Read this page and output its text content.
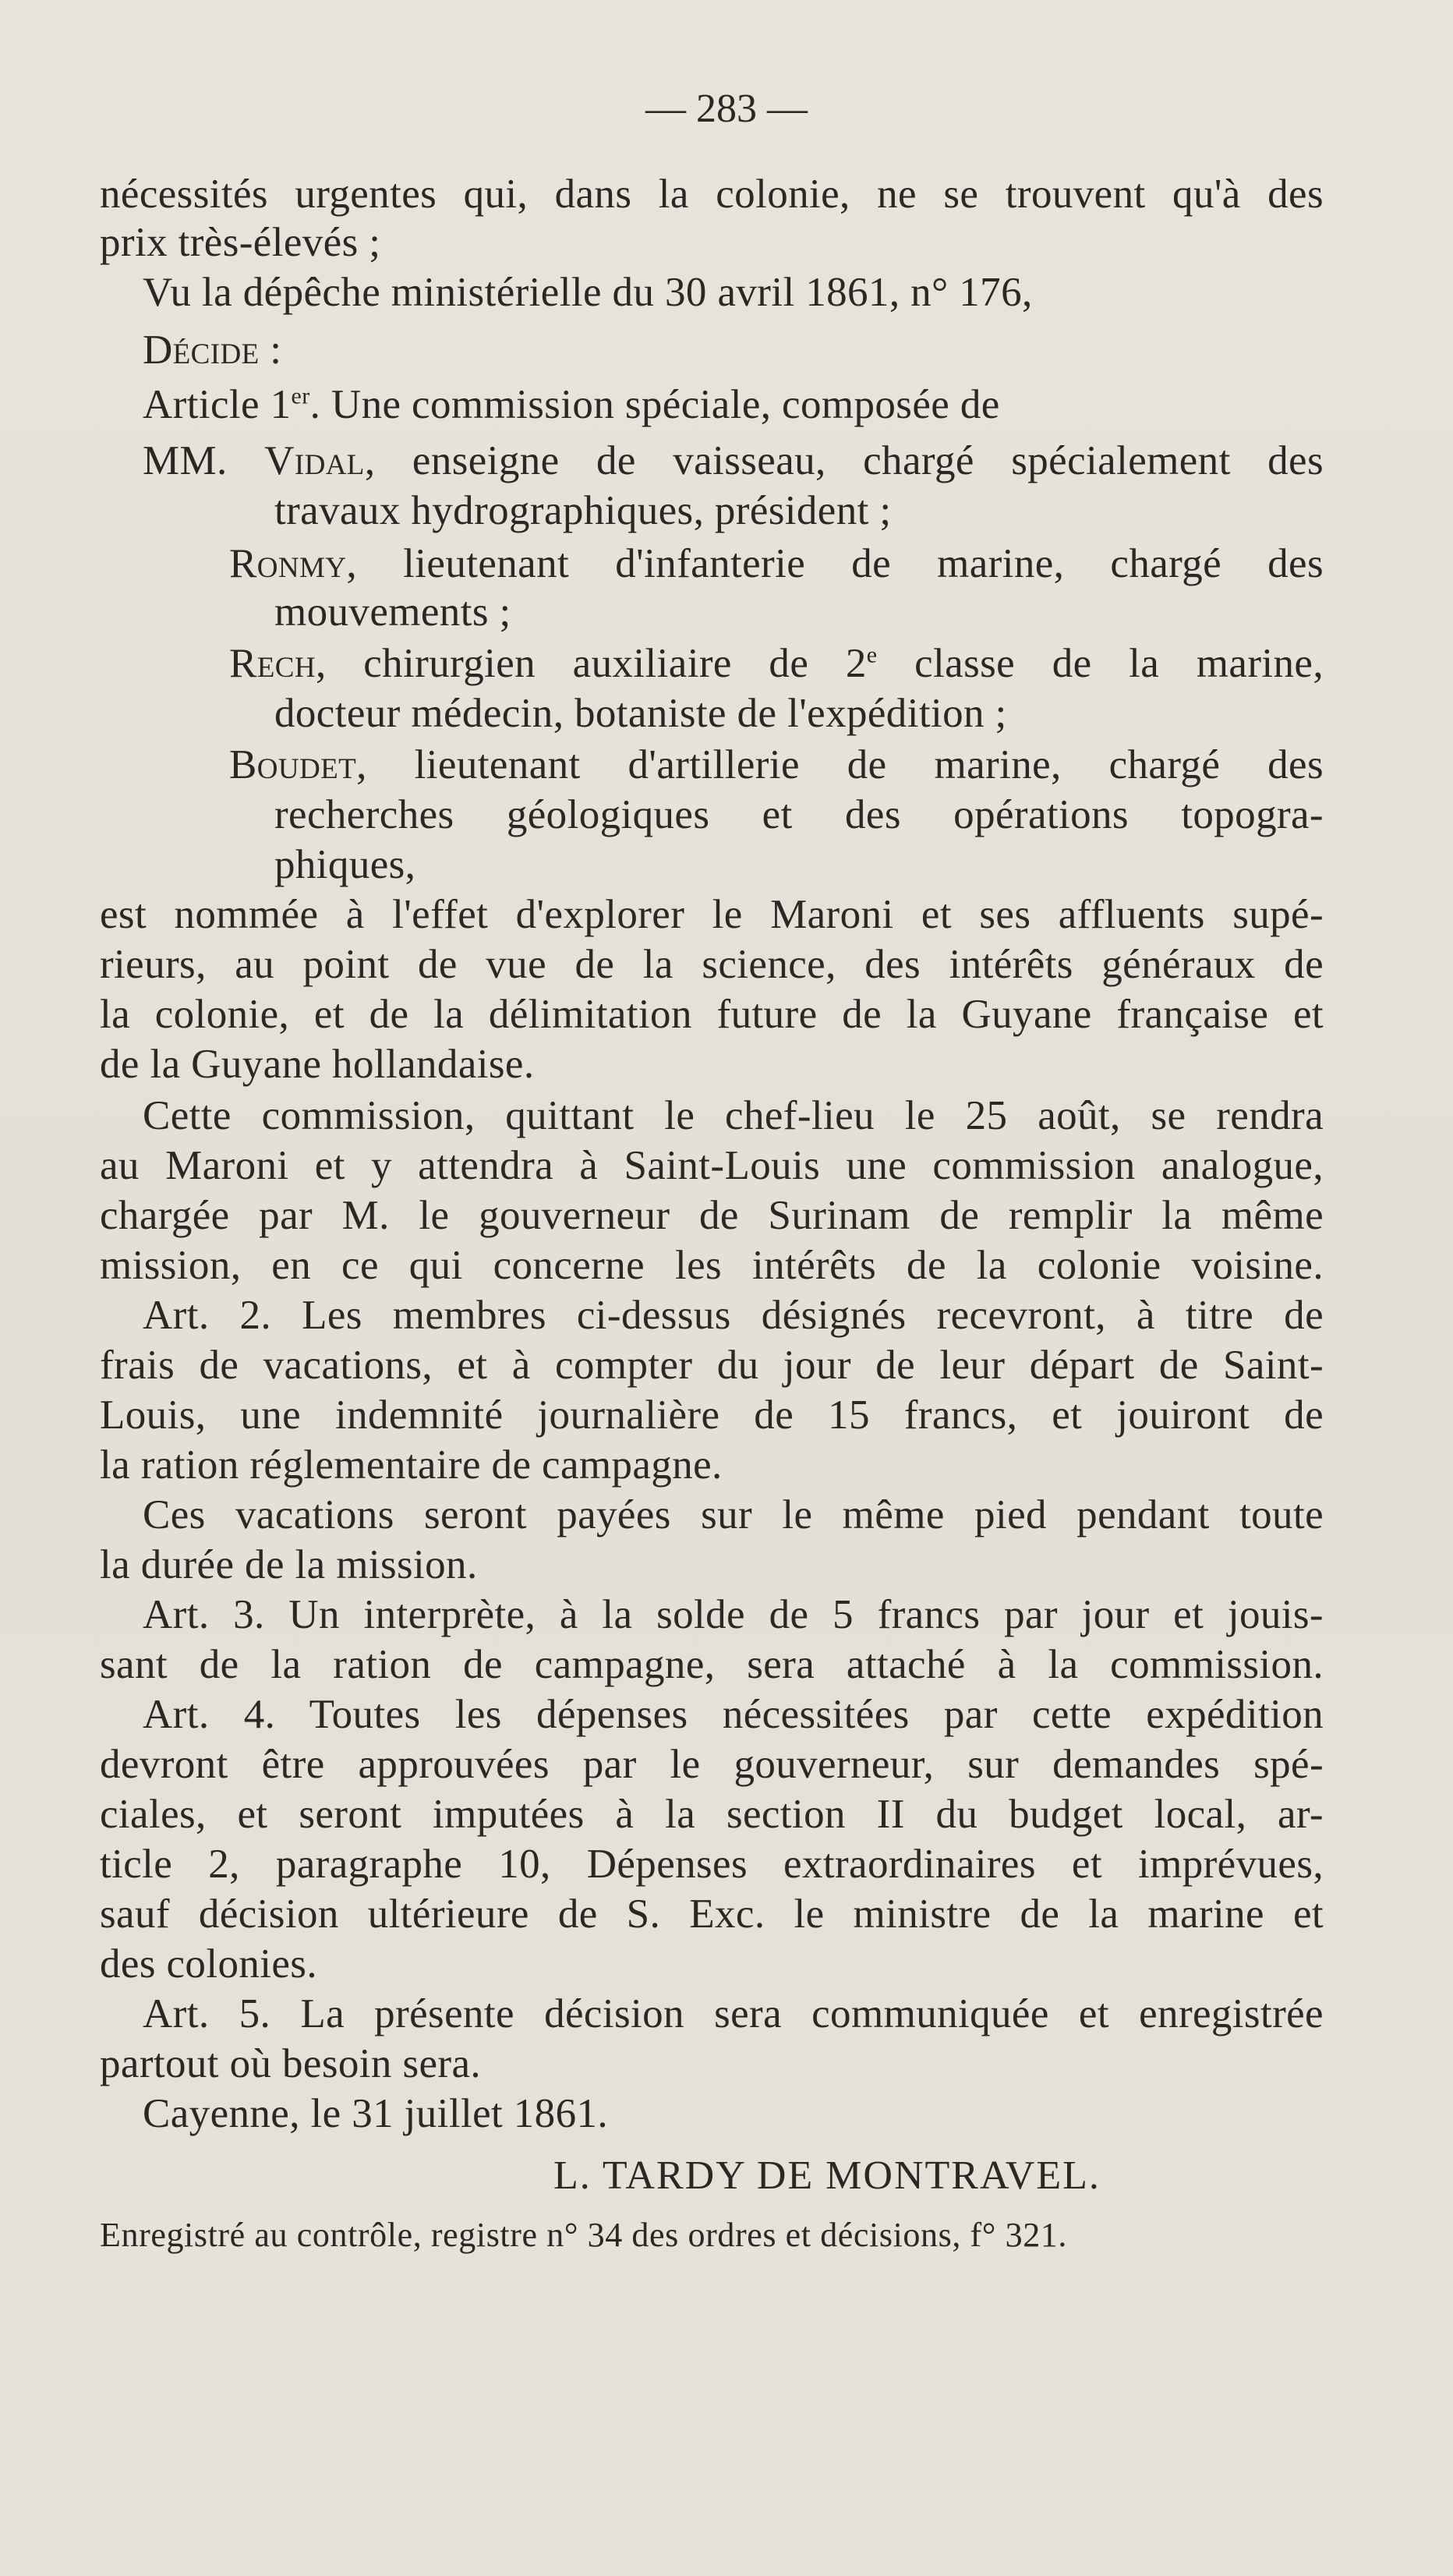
— 283 —
nécessités urgentes qui, dans la colonie, ne se trouvent qu'à des
prix très-élevés ;
Vu la dépêche ministérielle du 30 avril 1861, n° 176,
Décide :
Article 1er. Une commission spéciale, composée de
MM. Vidal, enseigne de vaisseau, chargé spécialement des
travaux hydrographiques, président ;
Ronmy, lieutenant d'infanterie de marine, chargé des
mouvements ;
Rech, chirurgien auxiliaire de 2e classe de la marine,
docteur médecin, botaniste de l'expédition ;
Boudet, lieutenant d'artillerie de marine, chargé des
recherches géologiques et des opérations topogra-
phiques,
est nommée à l'effet d'explorer le Maroni et ses affluents supé-
rieurs, au point de vue de la science, des intérêts généraux de
la colonie, et de la délimitation future de la Guyane française et
de la Guyane hollandaise.
Cette commission, quittant le chef-lieu le 25 août, se rendra
au Maroni et y attendra à Saint-Louis une commission analogue,
chargée par M. le gouverneur de Surinam de remplir la même
mission, en ce qui concerne les intérêts de la colonie voisine.
Art. 2. Les membres ci-dessus désignés recevront, à titre de
frais de vacations, et à compter du jour de leur départ de Saint-
Louis, une indemnité journalière de 15 francs, et jouiront de
la ration réglementaire de campagne.
Ces vacations seront payées sur le même pied pendant toute
la durée de la mission.
Art. 3. Un interprète, à la solde de 5 francs par jour et jouis-
sant de la ration de campagne, sera attaché à la commission.
Art. 4. Toutes les dépenses nécessitées par cette expédition
devront être approuvées par le gouverneur, sur demandes spé-
ciales, et seront imputées à la section II du budget local, ar-
ticle 2, paragraphe 10, Dépenses extraordinaires et imprévues,
sauf décision ultérieure de S. Exc. le ministre de la marine et
des colonies.
Art. 5. La présente décision sera communiquée et enregistrée
partout où besoin sera.
Cayenne, le 31 juillet 1861.
L. TARDY DE MONTRAVEL.
Enregistré au contrôle, registre n° 34 des ordres et décisions, f° 321.
